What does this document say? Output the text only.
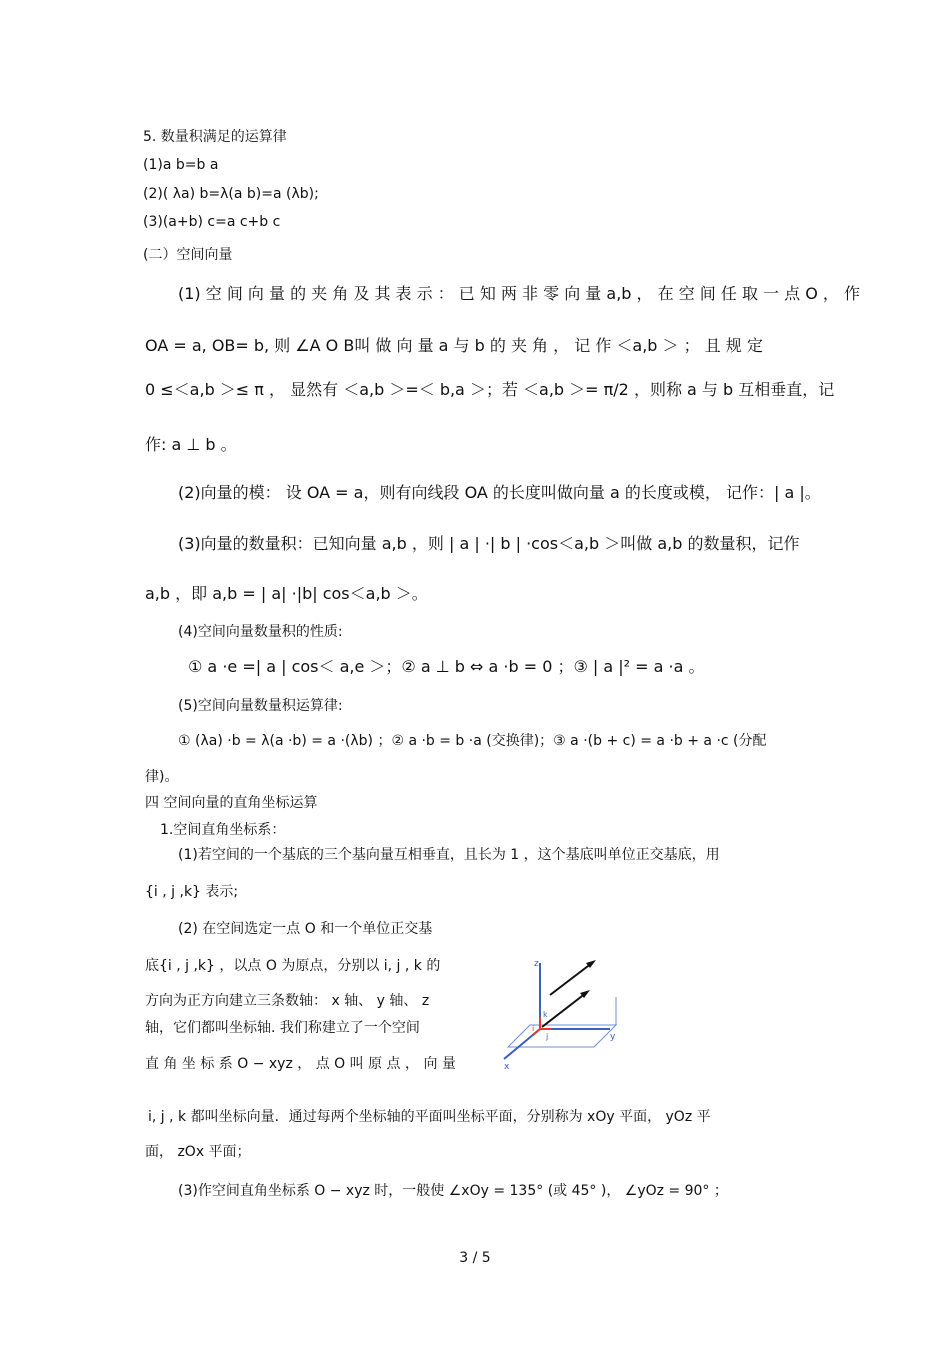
5. 数量积满足的运算律
(1)a b=b a
(2)( λa) b=λ(a b)=a (λb);
(3)(a+b) c=a c+b c
(二）空间向量
(1) 空 间 向 量 的 夹 角 及 其 表 示 ： 已 知 两 非 零 向 量 a,b ， 在 空 间 任 取 一 点 O ， 作
OA = a, OB= b, 则 ∠A O B叫 做 向 量 a 与 b 的 夹 角 ， 记 作 ＜a,b ＞ ； 且 规 定
0 ≤＜a,b ＞≤ π ， 显然有 ＜a,b ＞=＜ b,a ＞；若 ＜a,b ＞= π/2 ，则称 a 与 b 互相垂直，记
作: a ⊥ b 。
(2)向量的模： 设 OA = a，则有向线段 OA 的长度叫做向量 a 的长度或模， 记作：| a |。
(3)向量的数量积：已知向量 a,b ，则 | a | ·| b | ·cos＜a,b ＞叫做 a,b 的数量积，记作
a,b ，即 a,b = | a| ·|b| cos＜a,b ＞。
(4)空间向量数量积的性质:
① a ·e =| a | cos＜ a,e ＞；② a ⊥ b ⇔ a ·b = 0 ；③ | a |² = a ·a 。
(5)空间向量数量积运算律:
① (λa) ·b = λ(a ·b) = a ·(λb) ；② a ·b = b ·a (交换律)；③ a ·(b + c) = a ·b + a ·c (分配
律)。
四 空间向量的直角坐标运算
1.空间直角坐标系：
(1)若空间的一个基底的三个基向量互相垂直，且长为 1 ，这个基底叫单位正交基底，用
{i , j ,k} 表示;
(2) 在空间选定一点 O 和一个单位正交基
底{i , j ,k} ，以点 O 为原点，分别以 i, j , k 的
方向为正方向建立三条数轴： x 轴、 y 轴、 z
轴，它们都叫坐标轴. 我们称建立了一个空间
直 角 坐 标 系 O − xyz ， 点 O 叫 原 点 ， 向 量
i, j , k 都叫坐标向量．通过每两个坐标轴的平面叫坐标平面，分别称为 xOy 平面， yOz 平
面， zOx 平面；
(3)作空间直角坐标系 O − xyz 时，一般使 ∠xOy = 135° (或 45° )， ∠yOz = 90° ；
z
y
x
k
i
j
3 / 5
